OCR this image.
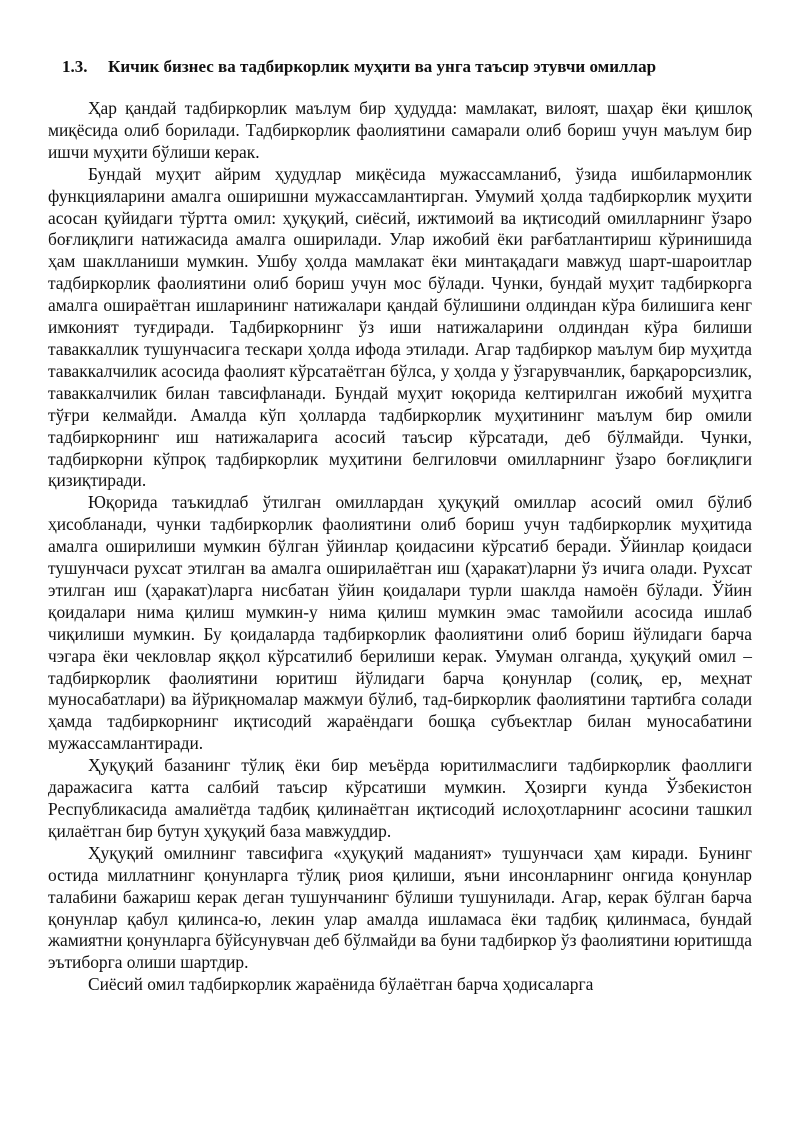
1.3. Кичик бизнес ва тадбиркорлик муҳити ва унга таъсир этувчи омиллар

Ҳар қандай тадбиркорлик маълум бир ҳудудда: мамлакат, вилоят, шаҳар ёки қишлоқ миқёсида олиб борилади. Тадбиркорлик фаолиятини самарали олиб бориш учун маълум бир ишчи муҳити бўлиши керак.

Бундай муҳит айрим ҳудудлар миқёсида мужассамланиб, ўзида ишбилармонлик функцияларини амалга оширишни мужассамлантирган. Умумий ҳолда тадбиркорлик муҳити асосан қуйидаги тўртта омил: ҳуқуқий, сиёсий, ижтимоий ва иқтисодий омилларнинг ўзаро боғлиқлиги натижасида амалга оширилади. Улар ижобий ёки рағбатлантириш кўринишида ҳам шаклланиши мумкин. Ушбу ҳолда мамлакат ёки минтақадаги мавжуд шарт-шароитлар тадбиркорлик фаолиятини олиб бориш учун мос бўлади. Чунки, бундай муҳит тадбиркорга амалга ошираётган ишларининг натижалари қандай бўлишини олдиндан кўра билишига кенг имконият туғдиради. Тадбиркорнинг ўз иши натижаларини олдиндан кўра билиши таваккаллик тушунчасига тескари ҳолда ифода этилади. Агар тадбиркор маълум бир муҳитда таваккалчилик асосида фаолият кўрсатаётган бўлса, у ҳолда у ўзгарувчанлик, барқарорсизлик, таваккалчилик билан тавсифланади. Бундай муҳит юқорида келтирилган ижобий муҳитга тўғри келмайди. Амалда кўп ҳолларда тадбиркорлик муҳитининг маълум бир омили тадбиркорнинг иш натижаларига асосий таъсир кўрсатади, деб бўлмайди. Чунки, тадбиркорни кўпроқ тадбиркорлик муҳитини белгиловчи омилларнинг ўзаро боғлиқлиги қизиқтиради.

Юқорида таъкидлаб ўтилган омиллардан ҳуқуқий омиллар асосий омил бўлиб ҳисобланади, чунки тадбиркорлик фаолиятини олиб бориш учун тадбиркорлик муҳитида амалга оширилиши мумкин бўлган ўйинлар қоидасини кўрсатиб беради. Ўйинлар қоидаси тушунчаси рухсат этилган ва амалга оширилаётган иш (ҳаракат)ларни ўз ичига олади. Рухсат этилган иш (ҳаракат)ларга нисбатан ўйин қоидалари турли шаклда намоён бўлади. Ўйин қоидалари нима қилиш мумкин-у нима қилиш мумкин эмас тамойили асосида ишлаб чиқилиши мумкин. Бу қоидаларда тадбиркорлик фаолиятини олиб бориш йўлидаги барча чэгара ёки чекловлар яққол кўрсатилиб берилиши керак. Умуман олганда, ҳуқуқий омил – тадбиркорлик фаолиятини юритиш йўлидаги барча қонунлар (солиқ, ер, меҳнат муносабатлари) ва йўриқномалар мажмуи бўлиб, тад-биркорлик фаолиятини тартибга солади ҳамда тадбиркорнинг иқтисодий жараёндаги бошқа субъектлар билан муносабатини мужассамлантиради.

Ҳуқуқий базанинг тўлиқ ёки бир меъёрда юритилмаслиги тадбиркорлик фаоллиги даражасига катта салбий таъсир кўрсатиши мумкин. Ҳозирги кунда Ўзбекистон Республикасида амалиётда тадбиқ қилинаётган иқтисодий ислоҳотларнинг асосини ташкил қилаётган бир бутун ҳуқуқий база мавжуддир.

Ҳуқуқий омилнинг тавсифига «ҳуқуқий маданият» тушунчаси ҳам киради. Бунинг остида миллатнинг қонунларга тўлиқ риоя қилиши, яъни инсонларнинг онгида қонунлар талабини бажариш керак деган тушунчанинг бўлиши тушунилади. Агар, керак бўлган барча қонунлар қабул қилинса-ю, лекин улар амалда ишламаса ёки тадбиқ қилинмаса, бундай жамиятни қонунларга бўйсунувчан деб бўлмайди ва буни тадбиркор ўз фаолиятини юритишда эътиборга олиши шартдир.

Сиёсий омил тадбиркорлик жараёнида бўлаётган барча ҳодисаларга
